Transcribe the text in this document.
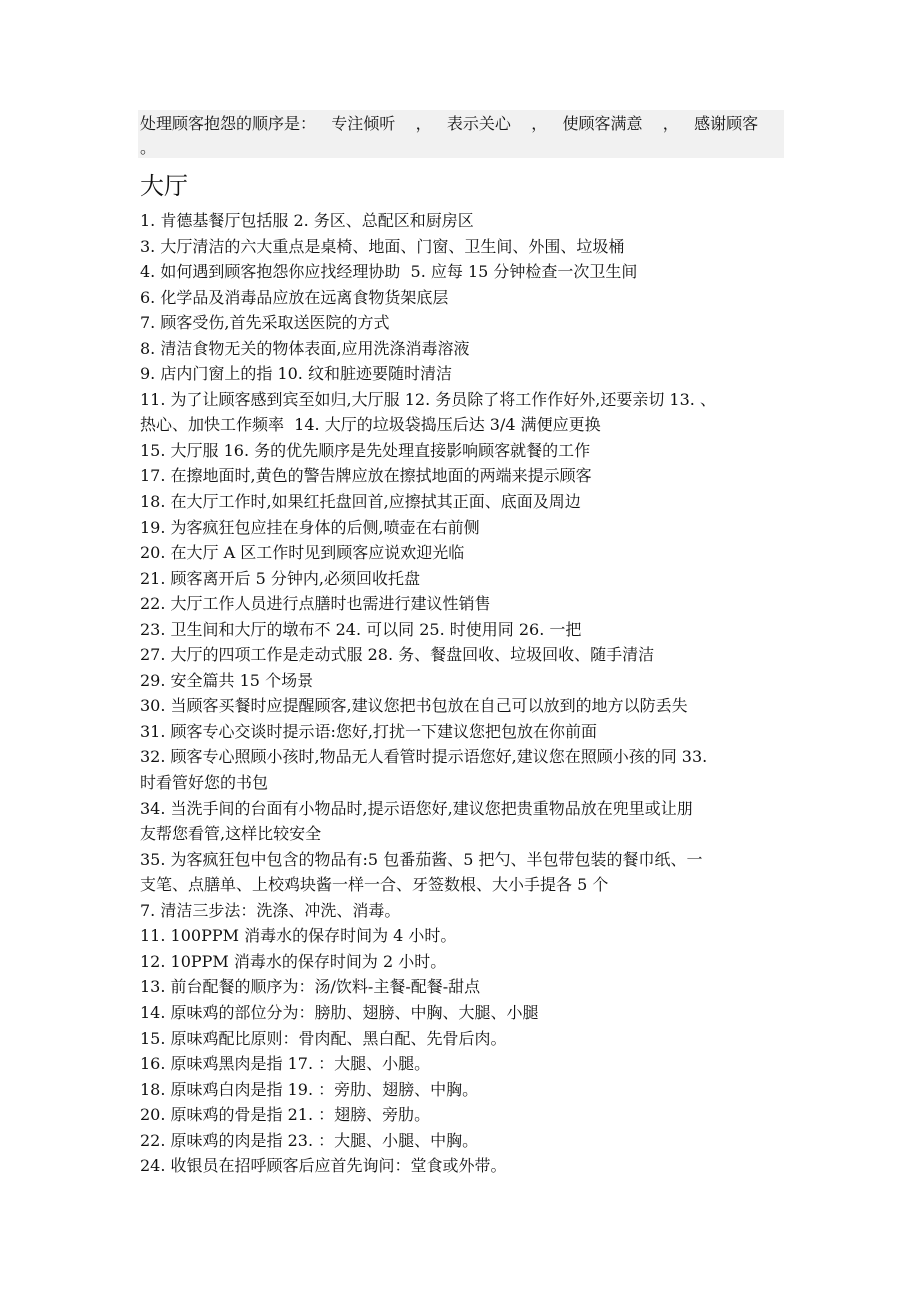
处理顾客抱怨的顺序是：   专注倾听    ，   表示关心    ，   使顾客满意    ，   感谢顾客    。
大厅
1. 肯德基餐厅包括服 2. 务区、总配区和厨房区
3. 大厅清洁的六大重点是桌椅、地面、门窗、卫生间、外围、垃圾桶
4. 如何遇到顾客抱怨你应找经理协助  5. 应每 15 分钟检查一次卫生间
6. 化学品及消毒品应放在远离食物货架底层
7. 顾客受伤,首先采取送医院的方式
8. 清洁食物无关的物体表面,应用洗涤消毒溶液
9. 店内门窗上的指 10. 纹和脏迹要随时清洁
11. 为了让顾客感到宾至如归,大厅服 12. 务员除了将工作作好外,还要亲切 13. 、
热心、加快工作频率  14. 大厅的垃圾袋捣压后达 3/4 满便应更换
15. 大厅服 16. 务的优先顺序是先处理直接影响顾客就餐的工作
17. 在擦地面时,黄色的警告牌应放在擦拭地面的两端来提示顾客
18. 在大厅工作时,如果红托盘回首,应擦拭其正面、底面及周边
19. 为客疯狂包应挂在身体的后侧,喷壶在右前侧
20. 在大厅 A 区工作时见到顾客应说欢迎光临
21. 顾客离开后 5 分钟内,必须回收托盘
22. 大厅工作人员进行点膳时也需进行建议性销售
23. 卫生间和大厅的墩布不 24. 可以同 25. 时使用同 26. 一把
27. 大厅的四项工作是走动式服 28. 务、餐盘回收、垃圾回收、随手清洁
29. 安全篇共 15 个场景
30. 当顾客买餐时应提醒顾客,建议您把书包放在自己可以放到的地方以防丢失
31. 顾客专心交谈时提示语:您好,打扰一下建议您把包放在你前面
32. 顾客专心照顾小孩时,物品无人看管时提示语您好,建议您在照顾小孩的同 33.
时看管好您的书包
34. 当洗手间的台面有小物品时,提示语您好,建议您把贵重物品放在兜里或让朋
友帮您看管,这样比较安全
35. 为客疯狂包中包含的物品有:5 包番茄酱、5 把勺、半包带包装的餐巾纸、一
支笔、点膳单、上校鸡块酱一样一合、牙签数根、大小手提各 5 个
7. 清洁三步法：洗涤、冲洗、消毒。
11. 100PPM 消毒水的保存时间为 4 小时。
12. 10PPM 消毒水的保存时间为 2 小时。
13. 前台配餐的顺序为：汤/饮料-主餐-配餐-甜点
14. 原味鸡的部位分为：膀肋、翅膀、中胸、大腿、小腿
15. 原味鸡配比原则：骨肉配、黑白配、先骨后肉。
16. 原味鸡黑肉是指 17. ：大腿、小腿。
18. 原味鸡白肉是指 19. ：旁肋、翅膀、中胸。
20. 原味鸡的骨是指 21. ：翅膀、旁肋。
22. 原味鸡的肉是指 23. ：大腿、小腿、中胸。
24. 收银员在招呼顾客后应首先询问：堂食或外带。
